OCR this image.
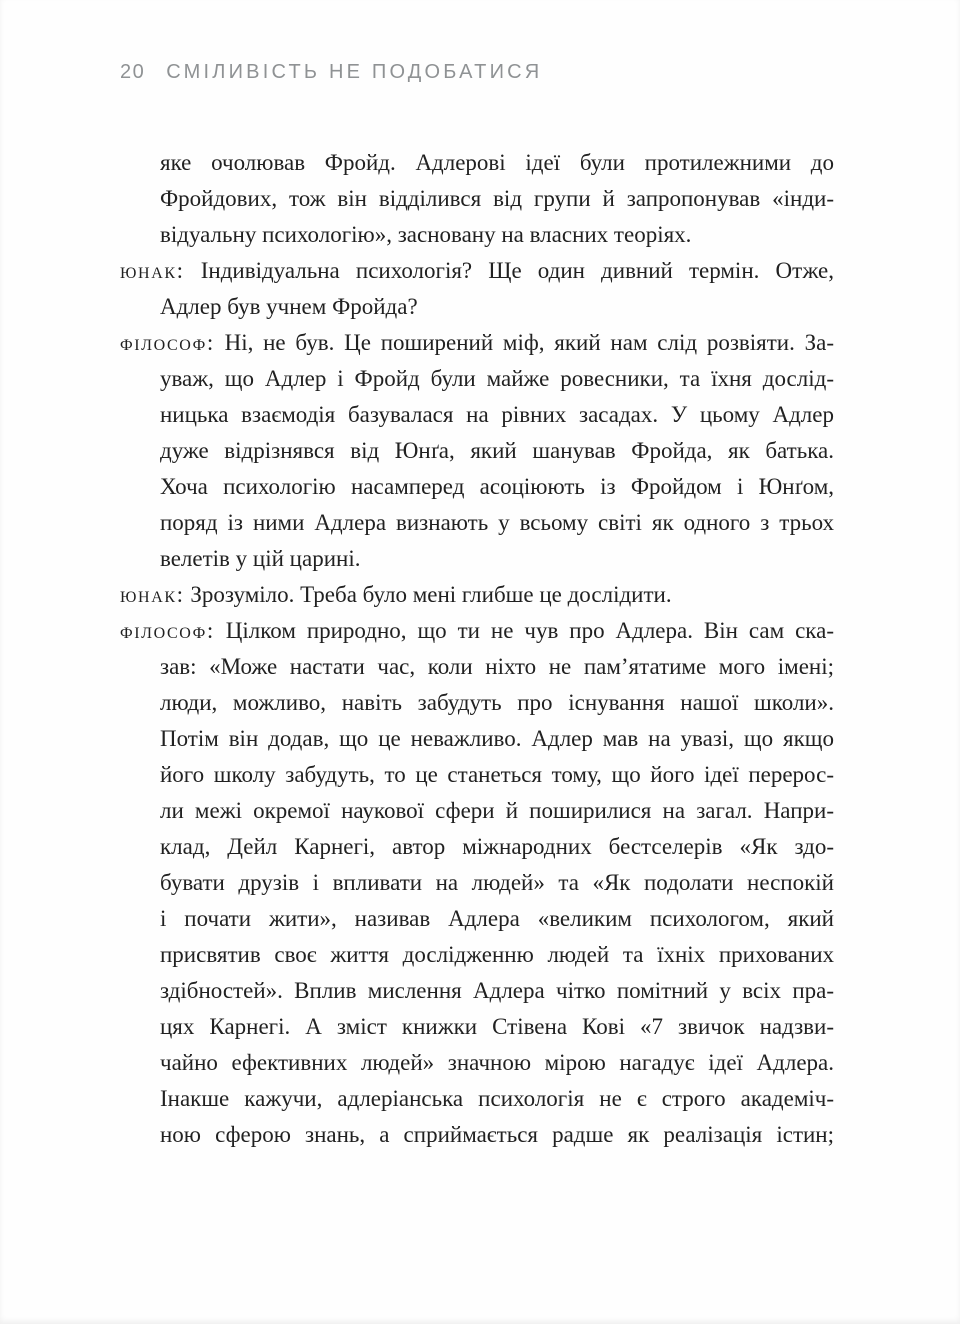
20 СМІЛИВІСТЬ НЕ ПОДОБАТИСЯ
яке очолював Фройд. Адлерові ідеї були протилежними до
Фройдових, тож він відділився від групи й запропонував «інди-
відуальну психологію», засновану на власних теоріях.
юнак: Індивідуальна психологія? Ще один дивний термін. Отже,
Адлер був учнем Фройда?
філософ: Ні, не був. Це поширений міф, який нам слід розвіяти. За-
уваж, що Адлер і Фройд були майже ровесники, та їхня дослід-
ницька взаємодія базувалася на рівних засадах. У цьому Адлер
дуже відрізнявся від Юнґа, який шанував Фройда, як батька.
Хоча психологію насамперед асоціюють із Фройдом і Юнґом,
поряд із ними Адлера визнають у всьому світі як одного з трьох
велетів у цій царині.
юнак: Зрозуміло. Треба було мені глибше це дослідити.
філософ: Цілком природно, що ти не чув про Адлера. Він сам ска-
зав: «Може настати час, коли ніхто не пам’ятатиме мого імені;
люди, можливо, навіть забудуть про існування нашої школи».
Потім він додав, що це неважливо. Адлер мав на увазі, що якщо
його школу забудуть, то це станеться тому, що його ідеї перерос-
ли межі окремої наукової сфери й поширилися на загал. Напри-
клад, Дейл Карнегі, автор міжнародних бестселерів «Як здо-
бувати друзів і впливати на людей» та «Як подолати неспокій
і почати жити», називав Адлера «великим психологом, який
присвятив своє життя дослідженню людей та їхніх прихованих
здібностей». Вплив мислення Адлера чітко помітний у всіх пра-
цях Карнегі. А зміст книжки Стівена Кові «7 звичок надзви-
чайно ефективних людей» значною мірою нагадує ідеї Адлера.
Інакше кажучи, адлеріанська психологія не є строго академіч-
ною сферою знань, а сприймається радше як реалізація істин;
